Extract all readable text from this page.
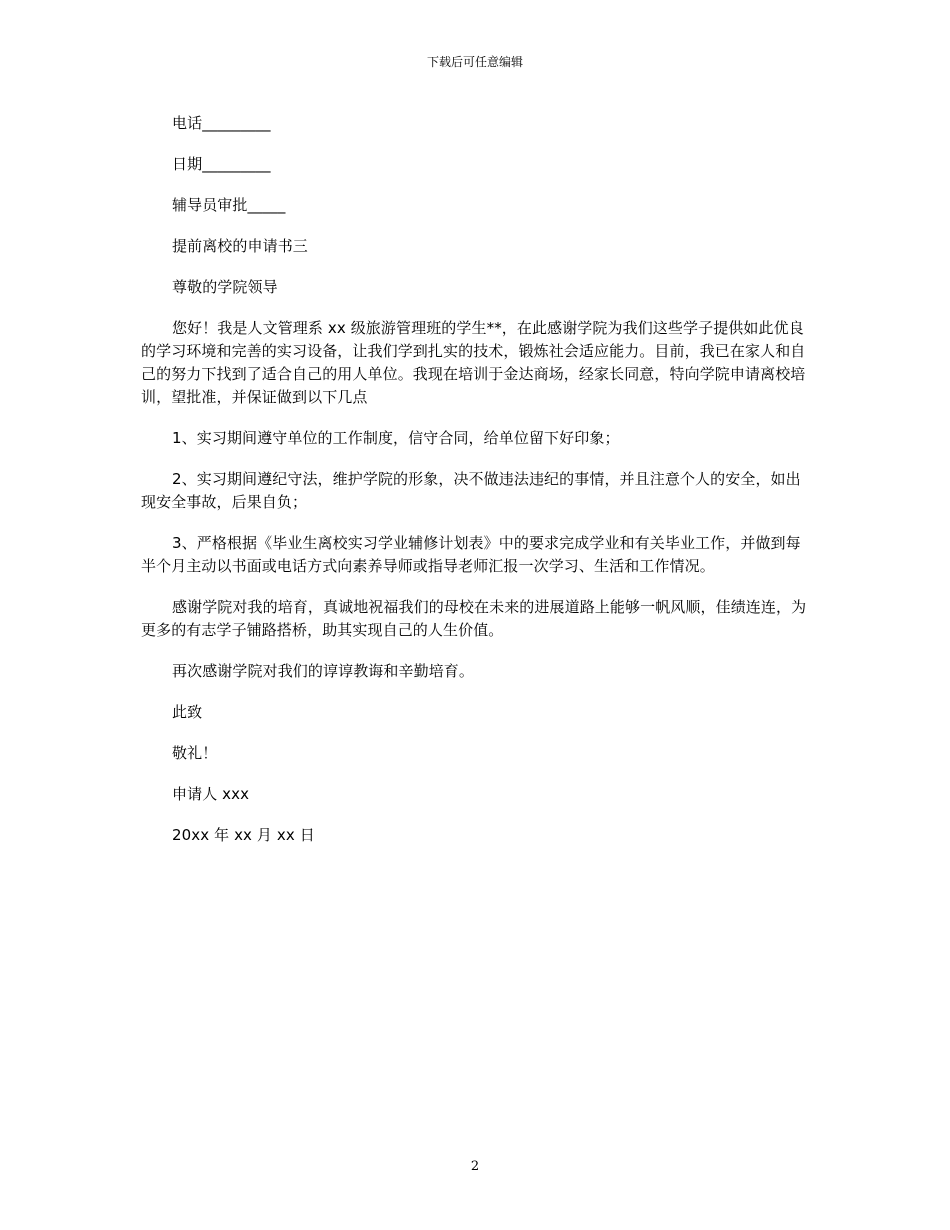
下载后可任意编辑

电话_________

日期_________

辅导员审批_____

提前离校的申请书三

尊敬的学院领导

您好！我是人文管理系 xx 级旅游管理班的学生**，在此感谢学院为我们这些学子提供如此优良的学习环境和完善的实习设备，让我们学到扎实的技术，锻炼社会适应能力。目前，我已在家人和自己的努力下找到了适合自己的用人单位。我现在培训于金达商场，经家长同意，特向学院申请离校培训，望批准，并保证做到以下几点

1、实习期间遵守单位的工作制度，信守合同，给单位留下好印象；

2、实习期间遵纪守法，维护学院的形象，决不做违法违纪的事情，并且注意个人的安全，如出现安全事故，后果自负；

3、严格根据《毕业生离校实习学业辅修计划表》中的要求完成学业和有关毕业工作，并做到每半个月主动以书面或电话方式向素养导师或指导老师汇报一次学习、生活和工作情况。

感谢学院对我的培育，真诚地祝福我们的母校在未来的进展道路上能够一帆风顺，佳绩连连，为更多的有志学子铺路搭桥，助其实现自己的人生价值。

再次感谢学院对我们的谆谆教诲和辛勤培育。

此致

敬礼！

申请人 xxx

20xx 年 xx 月 xx 日

2
